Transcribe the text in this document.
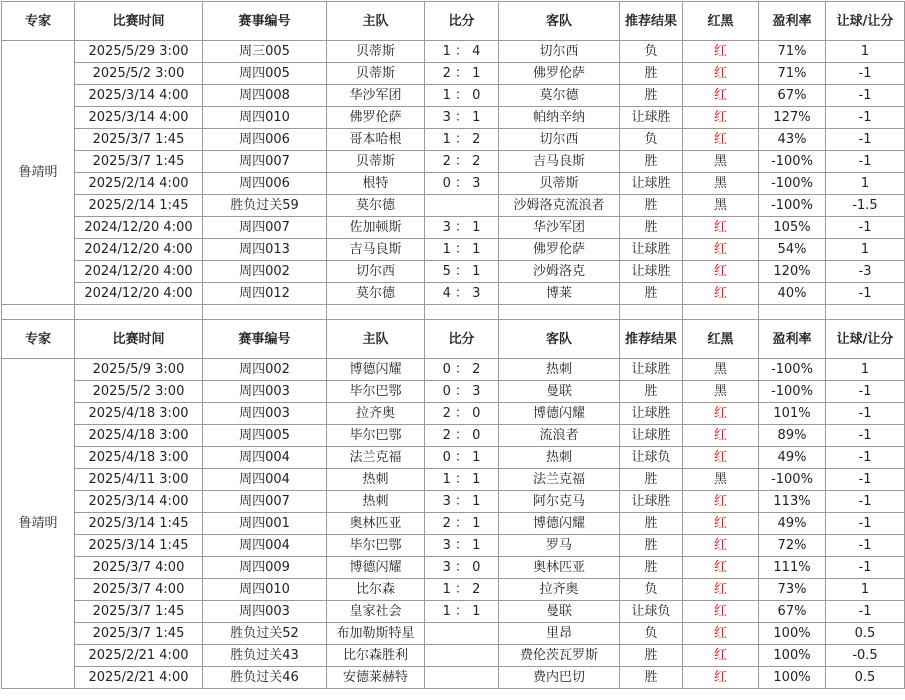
专家	比赛时间	赛事编号	主队	比分	客队	推荐结果	红黑	盈利率	让球/让分
鲁靖明	2025/5/29 3:00	周三005	贝蒂斯	1 ： 4	切尔西	负	红	71%	1
	2025/5/2 3:00	周四005	贝蒂斯	2 ： 1	佛罗伦萨	胜	红	71%	-1
	2025/3/14 4:00	周四008	华沙军团	1 ： 0	莫尔德	胜	红	67%	-1
	2025/3/14 4:00	周四010	佛罗伦萨	3 ： 1	帕纳辛纳	让球胜	红	127%	-1
	2025/3/7 1:45	周四006	哥本哈根	1 ： 2	切尔西	负	红	43%	-1
	2025/3/7 1:45	周四007	贝蒂斯	2 ： 2	吉马良斯	胜	黑	-100%	-1
	2025/2/14 4:00	周四006	根特	0 ： 3	贝蒂斯	让球胜	黑	-100%	1
	2025/2/14 1:45	胜负过关59	莫尔德		沙姆洛克流浪者	胜	黑	-100%	-1.5
	2024/12/20 4:00	周四007	佐加顿斯	3 ： 1	华沙军团	胜	红	105%	-1
	2024/12/20 4:00	周四013	吉马良斯	1 ： 1	佛罗伦萨	让球胜	红	54%	1
	2024/12/20 4:00	周四002	切尔西	5 ： 1	沙姆洛克	让球胜	红	120%	-3
	2024/12/20 4:00	周四012	莫尔德	4 ： 3	博莱	胜	红	40%	-1

专家	比赛时间	赛事编号	主队	比分	客队	推荐结果	红黑	盈利率	让球/让分
鲁靖明	2025/5/9 3:00	周四002	博德闪耀	0 ： 2	热刺	让球胜	黑	-100%	1
	2025/5/2 3:00	周四003	毕尔巴鄂	0 ： 3	曼联	胜	黑	-100%	-1
	2025/4/18 3:00	周四003	拉齐奥	2 ： 0	博德闪耀	让球胜	红	101%	-1
	2025/4/18 3:00	周四005	毕尔巴鄂	2 ： 0	流浪者	让球胜	红	89%	-1
	2025/4/18 3:00	周四004	法兰克福	0 ： 1	热刺	让球负	红	49%	-1
	2025/4/11 3:00	周四004	热刺	1 ： 1	法兰克福	胜	黑	-100%	-1
	2025/3/14 4:00	周四007	热刺	3 ： 1	阿尔克马	让球胜	红	113%	-1
	2025/3/14 1:45	周四001	奥林匹亚	2 ： 1	博德闪耀	胜	红	49%	-1
	2025/3/14 1:45	周四004	毕尔巴鄂	3 ： 1	罗马	胜	红	72%	-1
	2025/3/7 4:00	周四009	博德闪耀	3 ： 0	奥林匹亚	胜	红	111%	-1
	2025/3/7 4:00	周四010	比尔森	1 ： 2	拉齐奥	负	红	73%	1
	2025/3/7 1:45	周四003	皇家社会	1 ： 1	曼联	让球负	红	67%	-1
	2025/3/7 1:45	胜负过关52	布加勒斯特星		里昂	负	红	100%	0.5
	2025/2/21 4:00	胜负过关43	比尔森胜利		费伦茨瓦罗斯	胜	红	100%	-0.5
	2025/2/21 4:00	胜负过关46	安德莱赫特		费内巴切	胜	红	100%	0.5
